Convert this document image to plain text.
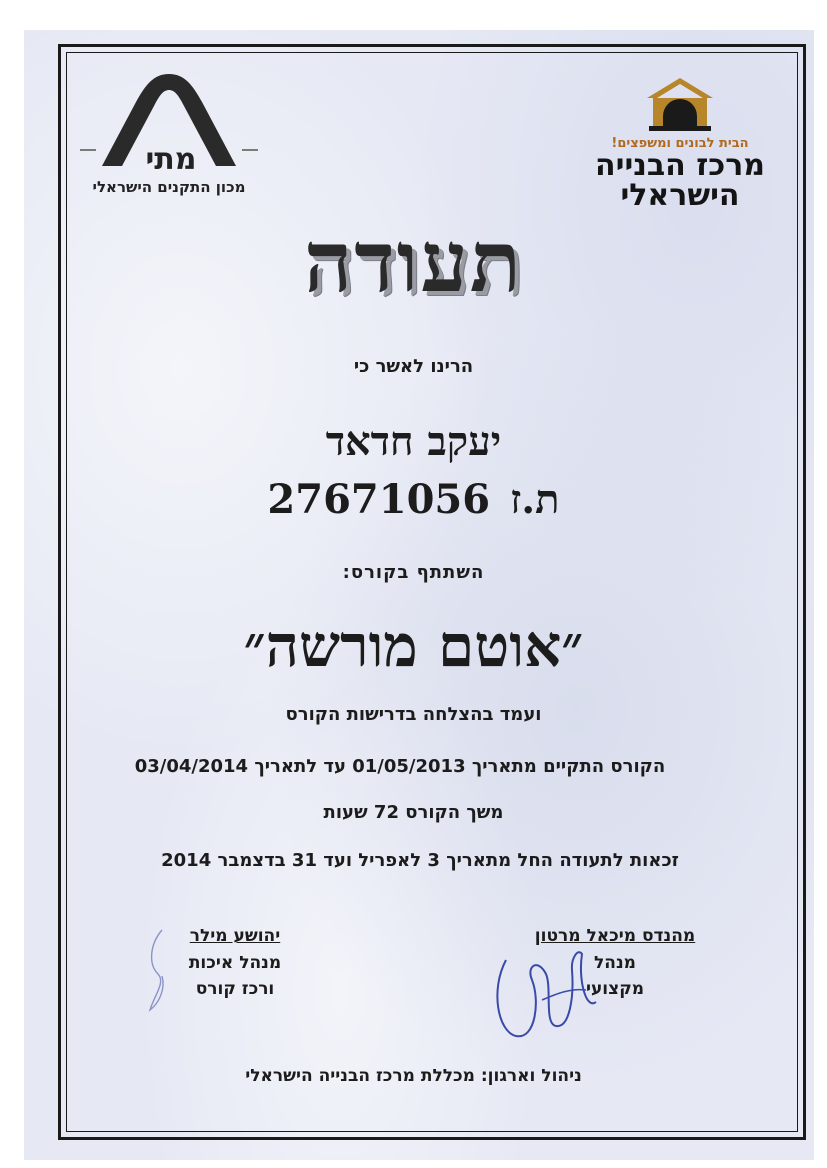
מתי
מכון התקנים הישראלי
הבית לבונים ומשפצים!
מרכז הבנייה
הישראלי
תעודה
הרינו לאשר כי
יעקב חדאד
ת.ז27671056
השתתף בקורס:
״אוטם מורשה״
ועמד בהצלחה בדרישות הקורס
הקורס התקיים מתאריך 01/05/2013 עד לתאריך 03/04/2014
משך הקורס 72 שעות
זכאות לתעודה החל מתאריך 3 לאפריל ועד 31 בדצמבר 2014
מהנדס מיכאל מרטון
מנהל
מקצועי
יהושע מילר
מנהל איכות
ורכז קורס
ניהול וארגון: מכללת מרכז הבנייה הישראלי
